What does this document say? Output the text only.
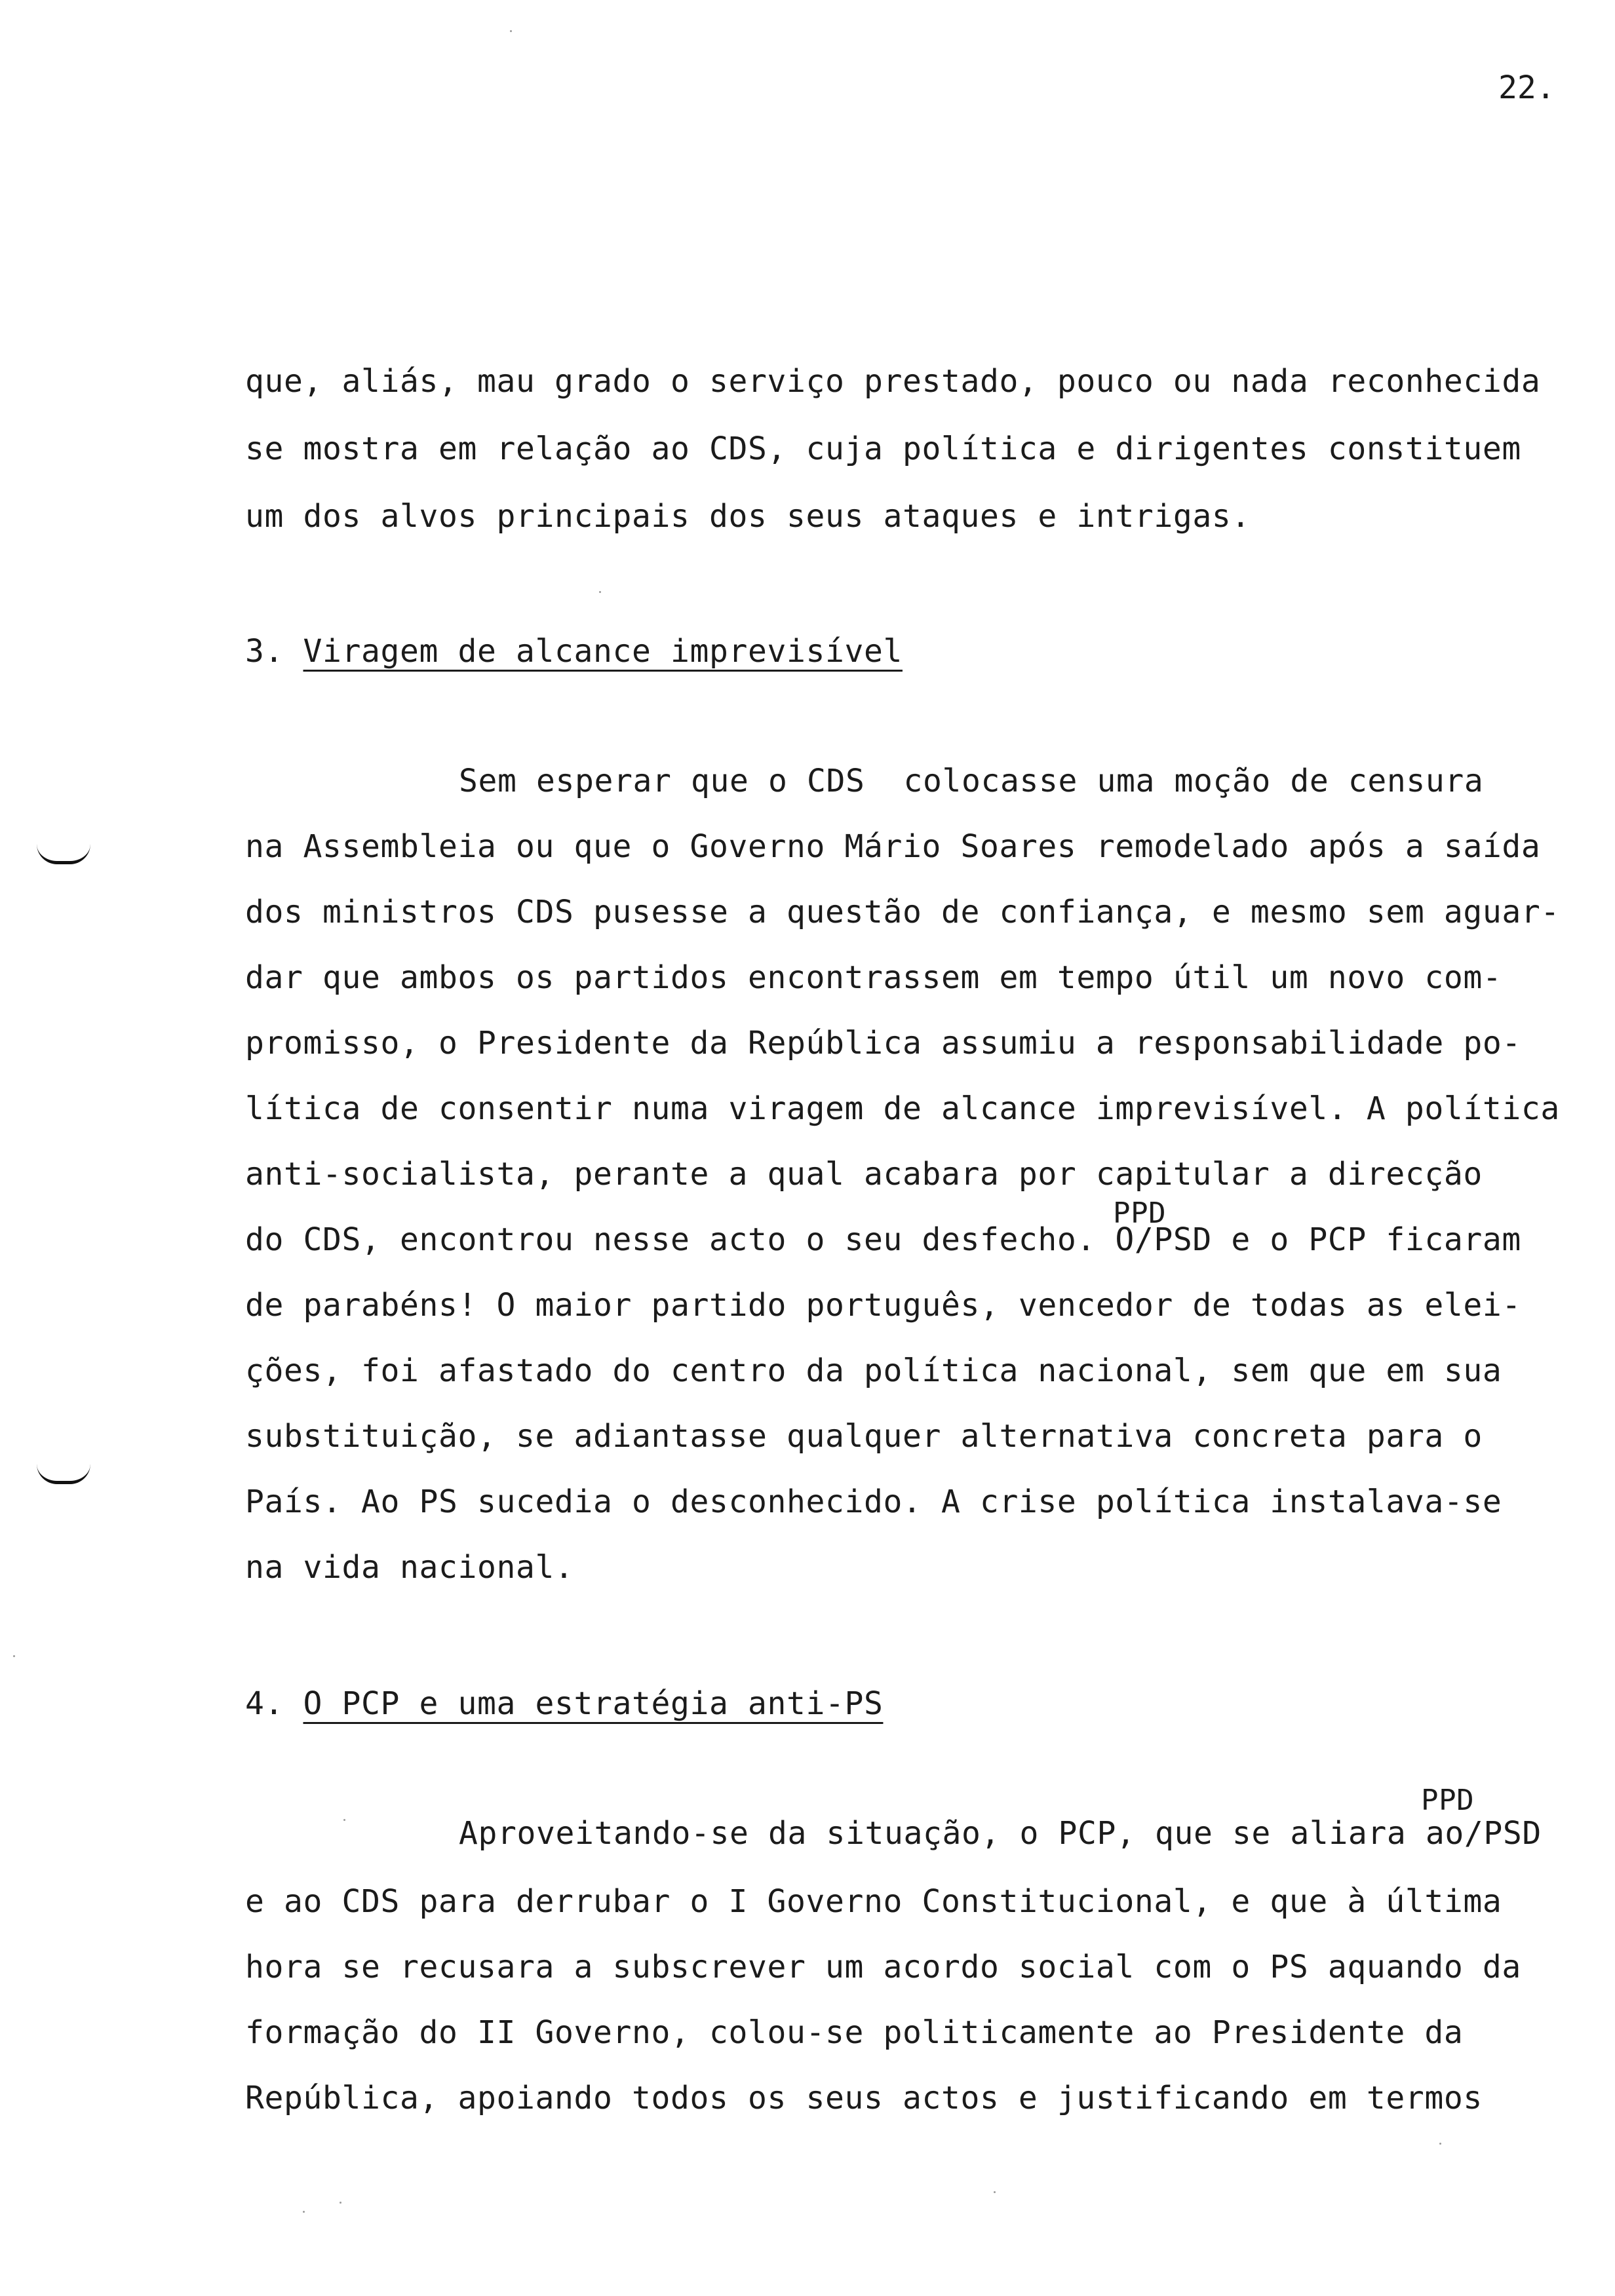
22.
que, aliás, mau grado o serviço prestado, pouco ou nada reconhecida
se mostra em relação ao CDS, cuja política e dirigentes constituem
um dos alvos principais dos seus ataques e intrigas.
3. Viragem de alcance imprevisível
Sem esperar que o CDS  colocasse uma moção de censura
na Assembleia ou que o Governo Mário Soares remodelado após a saída
dos ministros CDS pusesse a questão de confiança, e mesmo sem aguar-
dar que ambos os partidos encontrassem em tempo útil um novo com-
promisso, o Presidente da República assumiu a responsabilidade po-
lítica de consentir numa viragem de alcance imprevisível. A política
anti-socialista, perante a qual acabara por capitular a direcção
PPD
do CDS, encontrou nesse acto o seu desfecho. O/PSD e o PCP ficaram
de parabéns! O maior partido português, vencedor de todas as elei-
ções, foi afastado do centro da política nacional, sem que em sua
substituição, se adiantasse qualquer alternativa concreta para o
País. Ao PS sucedia o desconhecido. A crise política instalava-se
na vida nacional.
4. O PCP e uma estratégia anti-PS
PPD
Aproveitando-se da situação, o PCP, que se aliara ao/PSD
e ao CDS para derrubar o I Governo Constitucional, e que à última
hora se recusara a subscrever um acordo social com o PS aquando da
formação do II Governo, colou-se politicamente ao Presidente da
República, apoiando todos os seus actos e justificando em termos
